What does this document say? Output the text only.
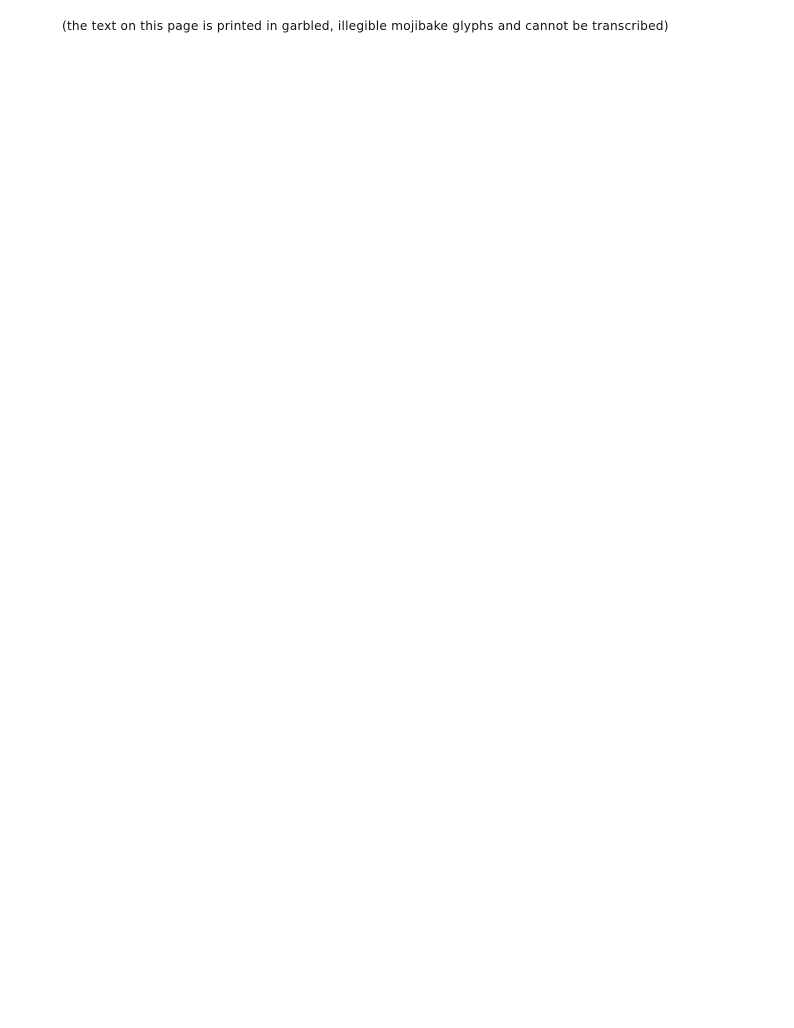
(the text on this page is printed in garbled, illegible mojibake glyphs and cannot be transcribed)
